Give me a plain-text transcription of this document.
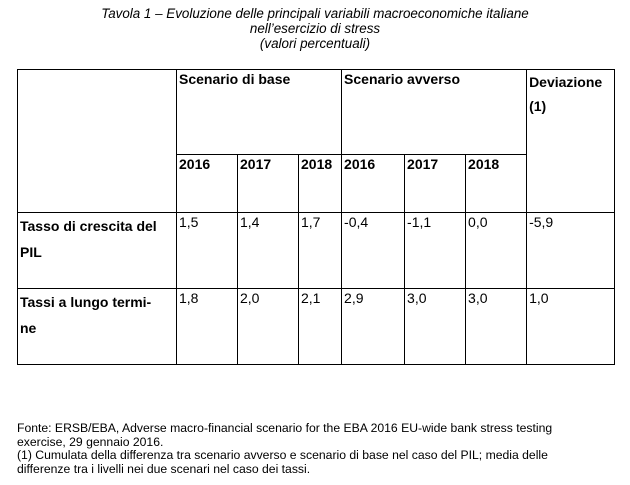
Tavola 1 – Evoluzione delle principali variabili macroeconomiche italiane
nell’esercizio di stress
(valori percentuali)
	Scenario di base			Scenario avverso			Deviazione
(1)

	2016	2017	2018	2016	2017	2018	
Tasso di crescita del
PIL	1,5	1,4	1,7	-0,4	-1,1	0,0	-5,9
Tassi a lungo termi-
ne	1,8	2,0	2,1	2,9	3,0	3,0	1,0
Fonte: ERSB/EBA, Adverse macro-financial scenario for the EBA 2016 EU-wide bank stress testing
exercise, 29 gennaio 2016.
(1) Cumulata della differenza tra scenario avverso e scenario di base nel caso del PIL; media delle
differenze tra i livelli nei due scenari nel caso dei tassi.
